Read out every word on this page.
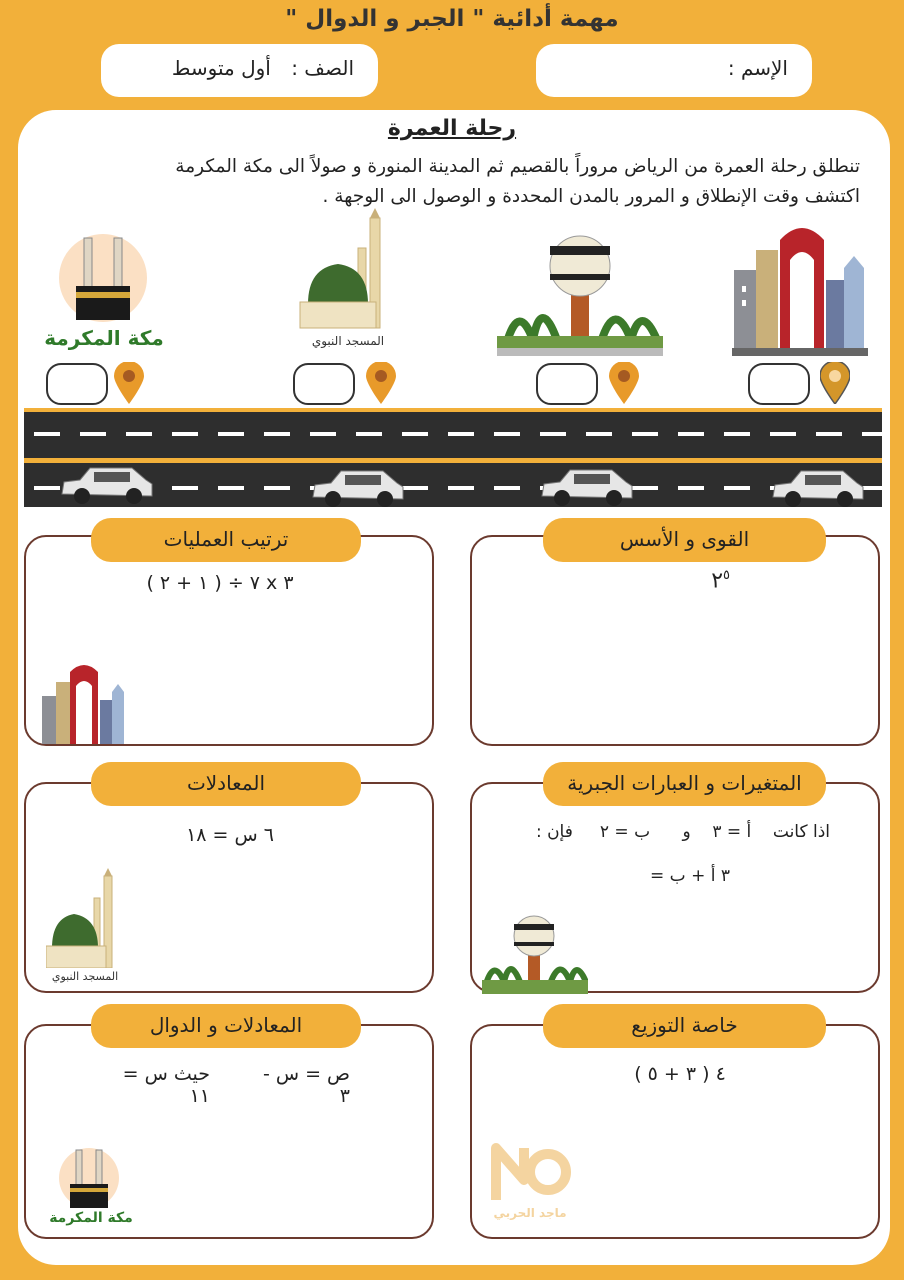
مهمة أدائية " الجبر و الدوال "
الإسم :
الصف : أول متوسط
رحلة العمرة
تنطلق رحلة العمرة من الرياض مروراً بالقصيم ثم المدينة المنورة و صولاً الى مكة المكرمة
اكتشف وقت الإنطلاق و المرور بالمدن المحددة و الوصول الى الوجهة .
المسجد النبوي
مكة المكرمة
ترتيب العمليات
٣ x ٧ ÷ ( ١ + ٢ )
القوى و الأسس
$٢^٥$
المعادلات
٦ س = ١٨
المسجد النبوي
المتغيرات و العبارات الجبرية
اذا كانت    أ = ٣    و      ب = ٢     فإن :
٣ أ + ب =
المعادلات و الدوال
ص = س - ٣
حيث س = ١١
مكة المكرمة
خاصة التوزيع
٤ ( ٣ + ٥ )
ماجد الحربي
